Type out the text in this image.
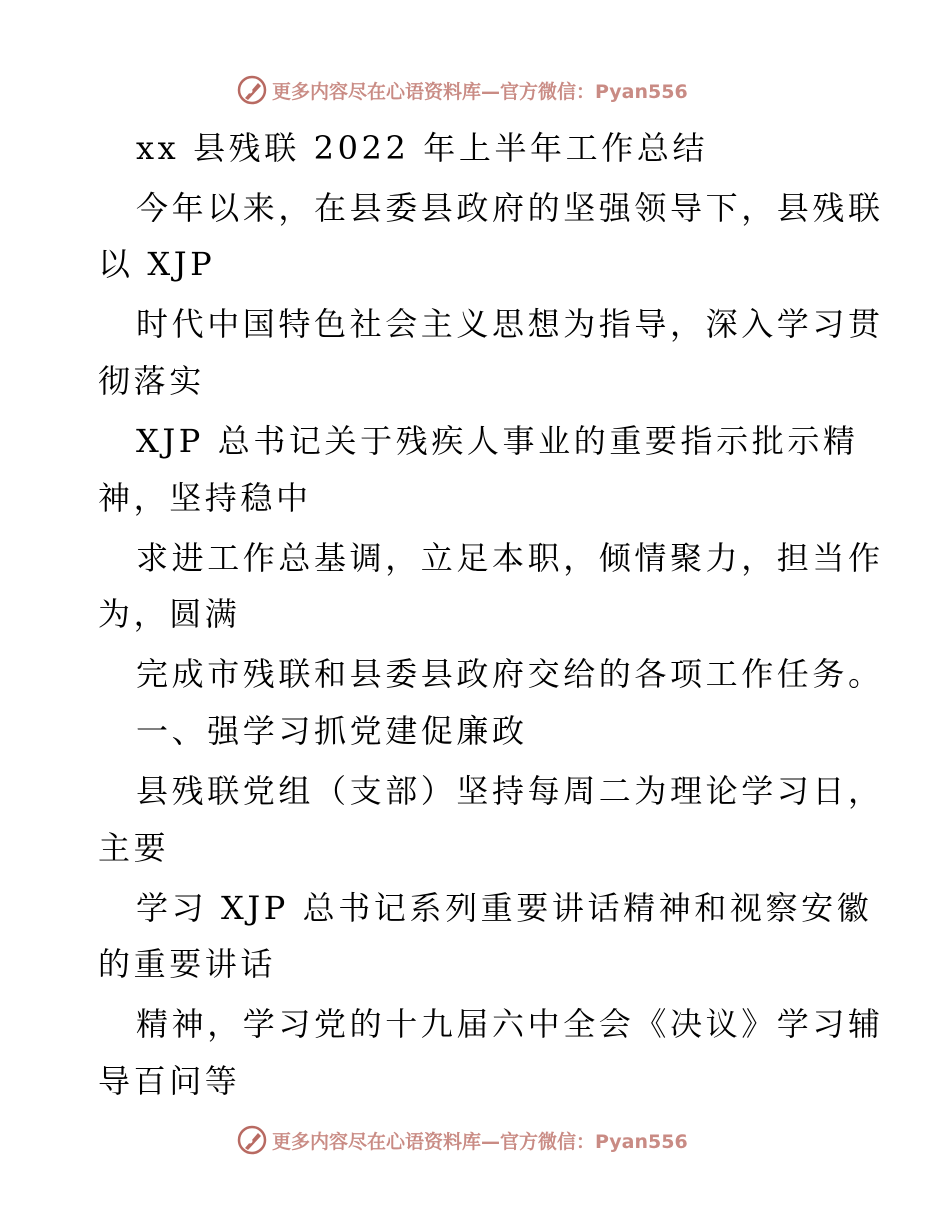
更多内容尽在心语资料库—官方微信：Pyan556
xx 县残联 2022 年上半年工作总结
今年以来，在县委县政府的坚强领导下，县残联
以 XJP
时代中国特色社会主义思想为指导，深入学习贯
彻落实
XJP 总书记关于残疾人事业的重要指示批示精
神，坚持稳中
求进工作总基调，立足本职，倾情聚力，担当作
为，圆满
完成市残联和县委县政府交给的各项工作任务。
一、强学习抓党建促廉政
县残联党组（支部）坚持每周二为理论学习日，
主要
学习 XJP 总书记系列重要讲话精神和视察安徽
的重要讲话
精神，学习党的十九届六中全会《决议》学习辅
导百问等
更多内容尽在心语资料库—官方微信：Pyan556
